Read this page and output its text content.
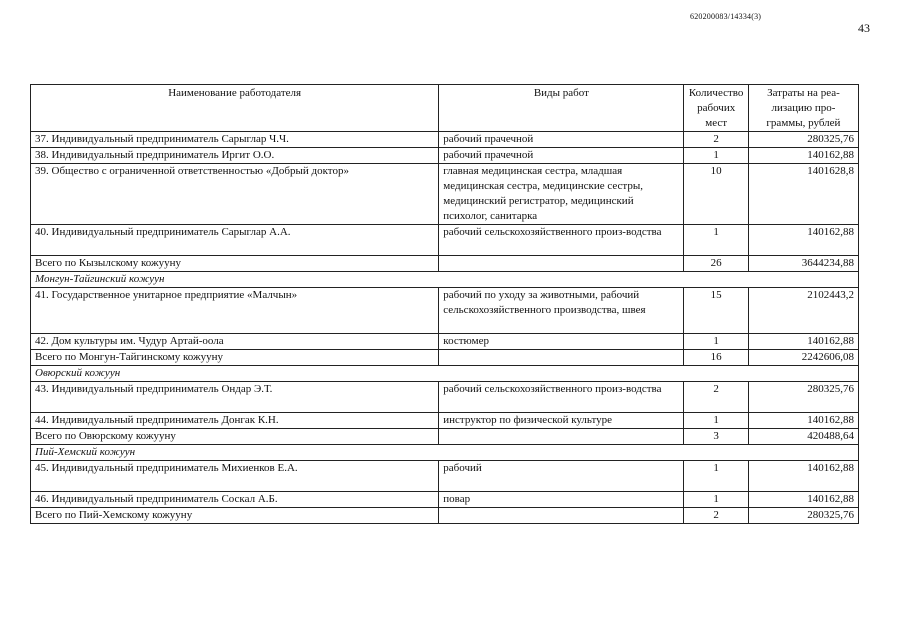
620200083/14334(3)
43
Наименование работодателя	Виды работ	Количество рабочих мест	Затраты на реа-лизацию про-граммы, рублей
37. Индивидуальный предприниматель Сарыглар Ч.Ч.	рабочий прачечной	2	280325,76
38. Индивидуальный предприниматель Иргит О.О.	рабочий прачечной	1	140162,88
39. Общество с ограниченной ответственностью «Добрый доктор»	главная медицинская сестра, младшая медицинская сестра, медицинские сестры, медицинский регистратор, медицинский психолог, санитарка	10	1401628,8
40. Индивидуальный предприниматель Сарыглар А.А.	рабочий сельскохозяйственного произ-водства	1	140162,88
Всего по Кызылскому кожууну		26	3644234,88
Монгун-Тайгинский кожуун			
41. Государственное унитарное предприятие «Малчын»	рабочий по уходу за животными, рабочий сельскохозяйственного производства, швея	15	2102443,2
42. Дом культуры им. Чудур Артай-оола	костюмер	1	140162,88
Всего по Монгун-Тайгинскому кожууну		16	2242606,08
Овюрский кожуун			
43. Индивидуальный предприниматель Ондар Э.Т.	рабочий сельскохозяйственного произ-водства	2	280325,76
44. Индивидуальный предприниматель Донгак К.Н.	инструктор по физической культуре	1	140162,88
Всего по Овюрскому кожууну		3	420488,64
Пий-Хемский кожуун			
45. Индивидуальный предприниматель Михиенков Е.А.	рабочий	1	140162,88
46. Индивидуальный предприниматель Соскал А.Б.	повар	1	140162,88
Всего по Пий-Хемскому кожууну		2	280325,76
